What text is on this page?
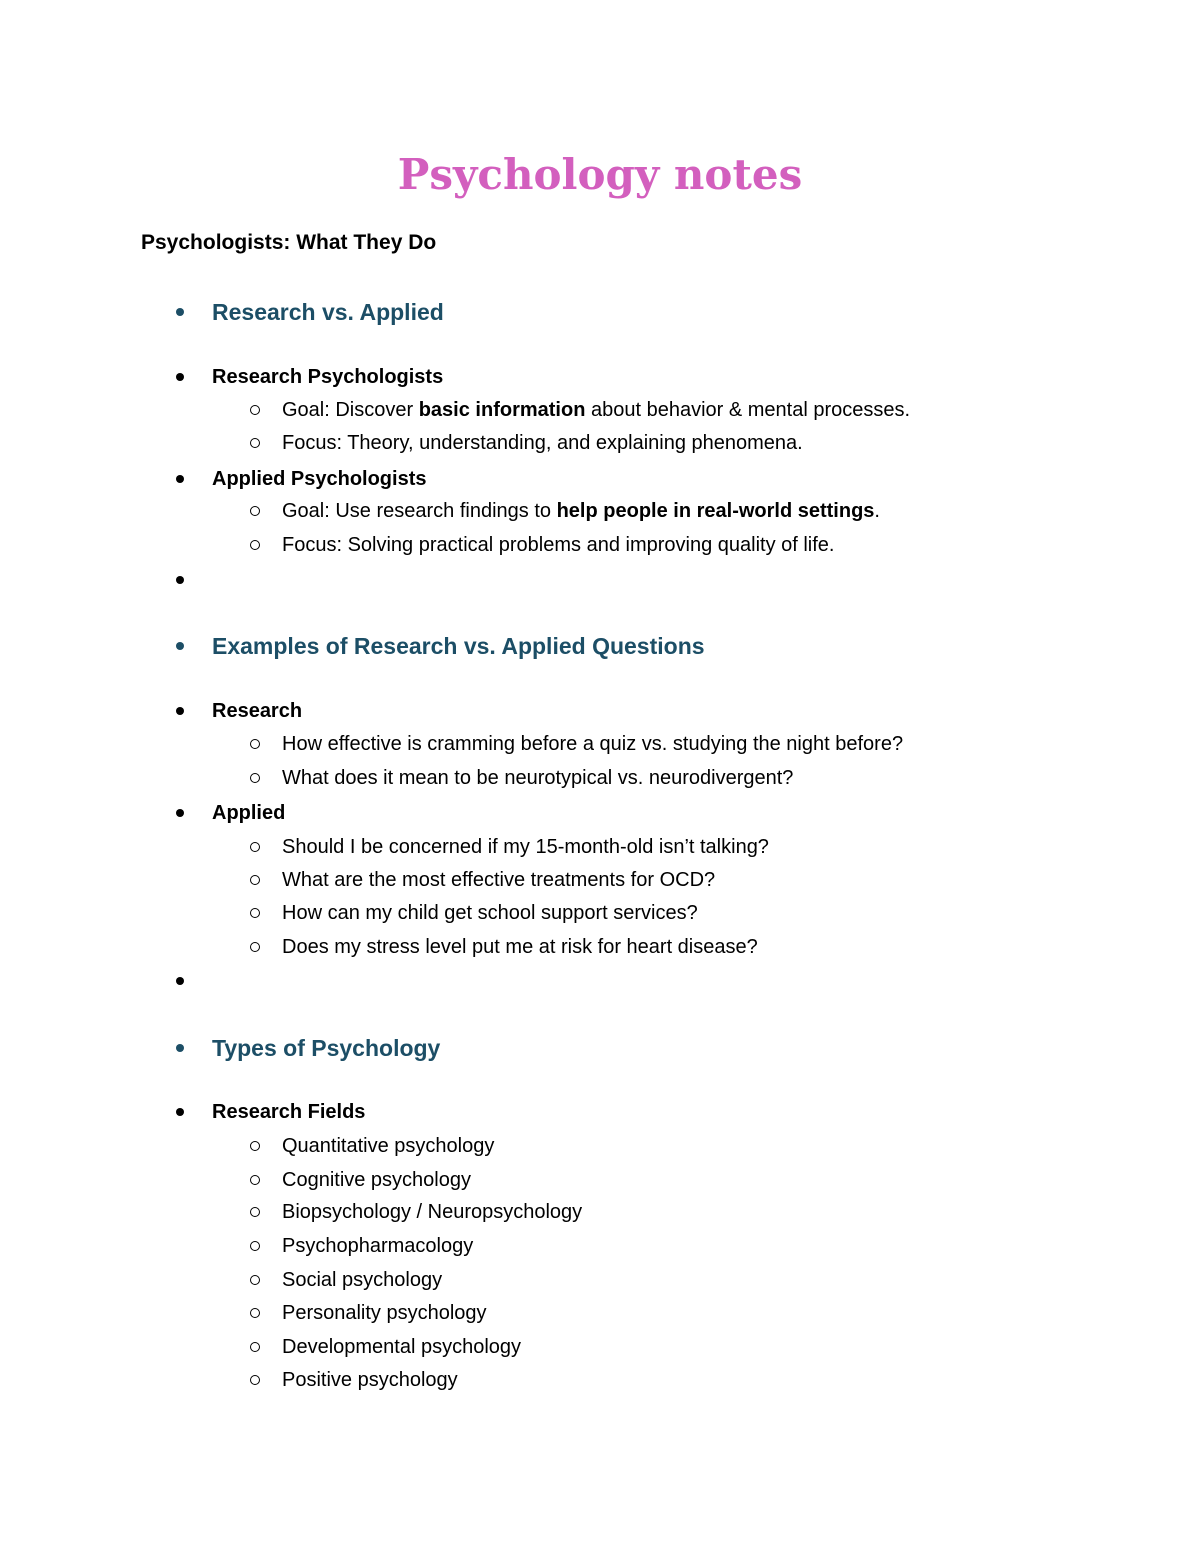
Psychology notes
Psychologists: What They Do
Research vs. Applied
Research Psychologists
Goal: Discover basic information about behavior & mental processes.
Focus: Theory, understanding, and explaining phenomena.
Applied Psychologists
Goal: Use research findings to help people in real-world settings.
Focus: Solving practical problems and improving quality of life.
Examples of Research vs. Applied Questions
Research
How effective is cramming before a quiz vs. studying the night before?
What does it mean to be neurotypical vs. neurodivergent?
Applied
Should I be concerned if my 15-month-old isn’t talking?
What are the most effective treatments for OCD?
How can my child get school support services?
Does my stress level put me at risk for heart disease?
Types of Psychology
Research Fields
Quantitative psychology
Cognitive psychology
Biopsychology / Neuropsychology
Psychopharmacology
Social psychology
Personality psychology
Developmental psychology
Positive psychology
